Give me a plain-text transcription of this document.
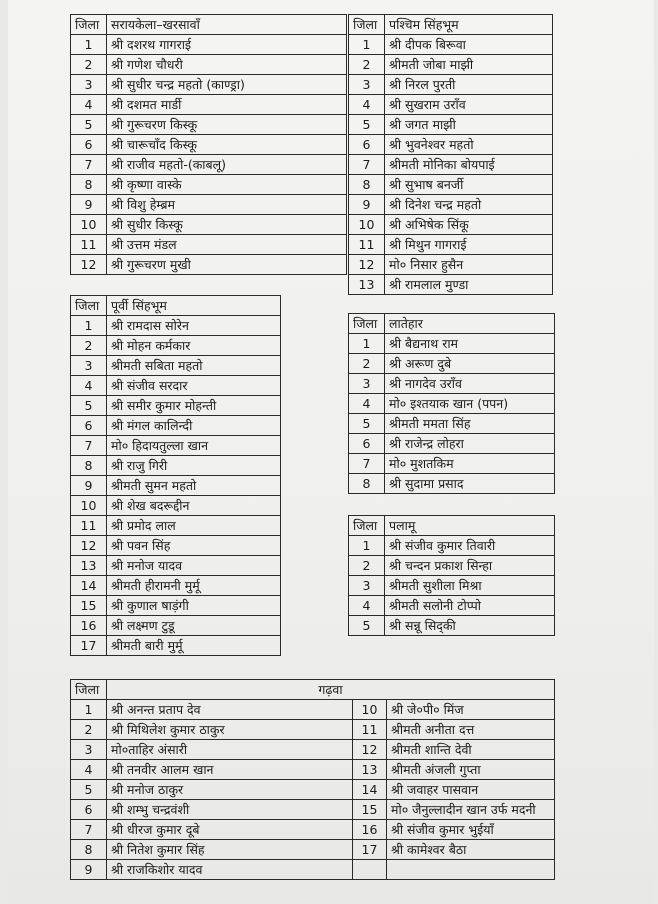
जिला	सरायकेला–खरसावाँ
1	श्री दशरथ गागराई
2	श्री गणेश चौधरी
3	श्री सुधीर चन्द्र महतो (काण्ड्रा)
4	श्री दशमत मार्डी
5	श्री गुरूचरण किस्कू
6	श्री चारूचाँद किस्कू
7	श्री राजीव महतो-(काबलू)
8	श्री कृष्णा वास्के
9	श्री विशु हेम्ब्रम
10	श्री सुधीर किस्कू
11	श्री उत्तम मंडल
12	श्री गुरूचरण मुखी
जिला	पश्चिम सिंहभूम
1	श्री दीपक बिरूवा
2	श्रीमती जोबा माझी
3	श्री निरल पुरती
4	श्री सुखराम उराँव
5	श्री जगत माझी
6	श्री भुवनेश्वर महतो
7	श्रीमती मोनिका बोयपाई
8	श्री सुभाष बनर्जी
9	श्री दिनेश चन्द्र महतो
10	श्री अभिषेक सिंकू
11	श्री मिथुन गागराई
12	मो० निसार हुसैन
13	श्री रामलाल मुण्डा
जिला	पूर्वी सिंहभूम
1	श्री रामदास सोरेन
2	श्री मोहन कर्मकार
3	श्रीमती सबिता महतो
4	श्री संजीव सरदार
5	श्री समीर कुमार मोहन्ती
6	श्री मंगल कालिन्दी
7	मो० हिदायतुल्ला खान
8	श्री राजु गिरी
9	श्रीमती सुमन महतो
10	श्री शेख बदरूद्दीन
11	श्री प्रमोद लाल
12	श्री पवन सिंह
13	श्री मनोज यादव
14	श्रीमती हीरामनी मुर्मू
15	श्री कुणाल षाड़ंगी
16	श्री लक्ष्मण टुडू
17	श्रीमती बारी मुर्मू
जिला	लातेहार
1	श्री बैद्यनाथ राम
2	श्री अरूण दुबे
3	श्री नागदेव उराँव
4	मो० इश्तयाक खान (पपन)
5	श्रीमती ममता सिंह
6	श्री राजेन्द्र लोहरा
7	मो० मुशतकिम
8	श्री सुदामा प्रसाद
जिला	पलामू
1	श्री संजीव कुमार तिवारी
2	श्री चन्दन प्रकाश सिन्हा
3	श्रीमती सुशीला मिश्रा
4	श्रीमती सलोनी टोप्पो
5	श्री सन्नू सिद्की
जिला	गढ़वा		
1	श्री अनन्त प्रताप देव	10	श्री जे०पी० मिंज
2	श्री मिथिलेश कुमार ठाकुर	11	श्रीमती अनीता दत्त
3	मो०ताहिर अंसारी	12	श्रीमती शान्ति देवी
4	श्री तनवीर आलम खान	13	श्रीमती अंजली गुप्ता
5	श्री मनोज ठाकुर	14	श्री जवाहर पासवान
6	श्री शम्भु चन्द्रवंशी	15	मो० जैनुल्लादीन खान उर्फ मदनी
7	श्री धीरज कुमार दूबे	16	श्री संजीव कुमार भुईयाँ
8	श्री नितेश कुमार सिंह	17	श्री कामेश्वर बैठा
9	श्री राजकिशोर यादव		
